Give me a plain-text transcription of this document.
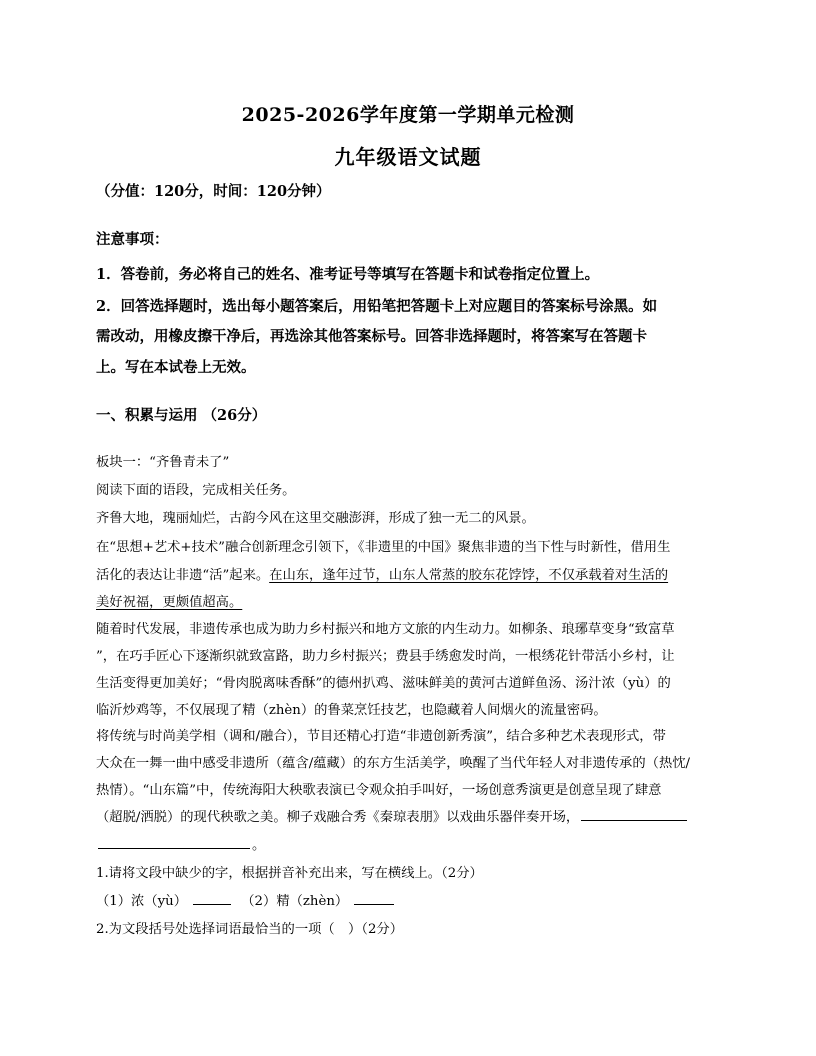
2025-2026学年度第一学期单元检测
九年级语文试题
（分值：120分，时间：120分钟）
注意事项：
1．答卷前，务必将自己的姓名、准考证号等填写在答题卡和试卷指定位置上。
2．回答选择题时，选出每小题答案后，用铅笔把答题卡上对应题目的答案标号涂黑。如
需改动，用橡皮擦干净后，再选涂其他答案标号。回答非选择题时，将答案写在答题卡
上。写在本试卷上无效。
一、积累与运用 （26分）
板块一：“齐鲁青未了”
阅读下面的语段，完成相关任务。
齐鲁大地，瑰丽灿烂，古韵今风在这里交融澎湃，形成了独一无二的风景。
在“思想+艺术+技术”融合创新理念引领下，《非遗里的中国》聚焦非遗的当下性与时新性，借用生
活化的表达让非遗“活”起来。在山东，逢年过节，山东人常蒸的胶东花饽饽，不仅承载着对生活的
美好祝福，更颇值超高。
随着时代发展，非遗传承也成为助力乡村振兴和地方文旅的内生动力。如柳条、琅琊草变身“致富草
”，在巧手匠心下逐渐织就致富路，助力乡村振兴；费县手绣愈发时尚，一根绣花针带活小乡村，让
生活变得更加美好；“骨肉脱离味香酥”的德州扒鸡、滋味鲜美的黄河古道鲜鱼汤、汤汁浓（yù）的
临沂炒鸡等，不仅展现了精（zhèn）的鲁菜烹饪技艺，也隐藏着人间烟火的流量密码。
将传统与时尚美学相（调和/融合），节目还精心打造“非遗创新秀演”，结合多种艺术表现形式，带
大众在一舞一曲中感受非遗所（蕴含/蕴藏）的东方生活美学，唤醒了当代年轻人对非遗传承的（热忱/
热情）。“山东篇”中，传统海阳大秧歌表演已令观众拍手叫好，一场创意秀演更是创意呈现了肆意
（超脱/洒脱）的现代秧歌之美。柳子戏融合秀《秦琼表朋》以戏曲乐器伴奏开场，
。
1.请将文段中缺少的字，根据拼音补充出来，写在横线上。（2分）
（1）浓（yù）	（2）精（zhèn）
2.为文段括号处选择词语最恰当的一项（　）（2分）
